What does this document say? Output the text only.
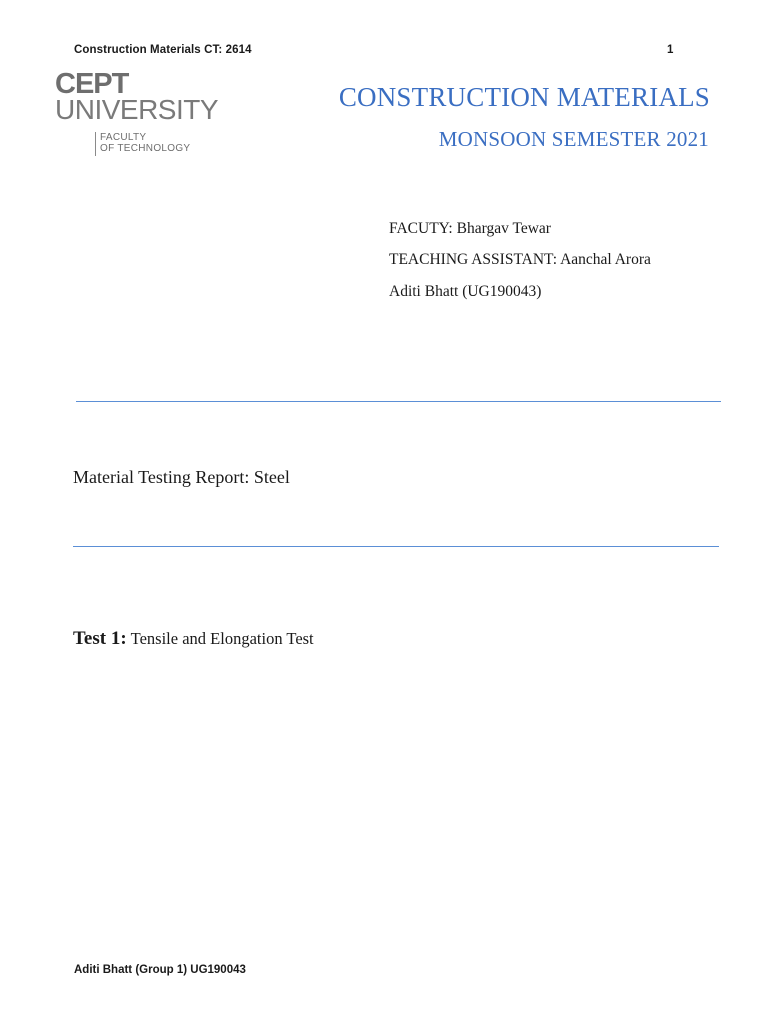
Construction Materials CT: 2614	1
CEPT
UNIVERSITY
FACULTY
OF TECHNOLOGY
CONSTRUCTION MATERIALS
MONSOON SEMESTER 2021
FACUTY: Bhargav Tewar
TEACHING ASSISTANT: Aanchal Arora
Aditi Bhatt (UG190043)
Material Testing Report: Steel
Test 1: Tensile and Elongation Test
Aditi Bhatt (Group 1) UG190043
